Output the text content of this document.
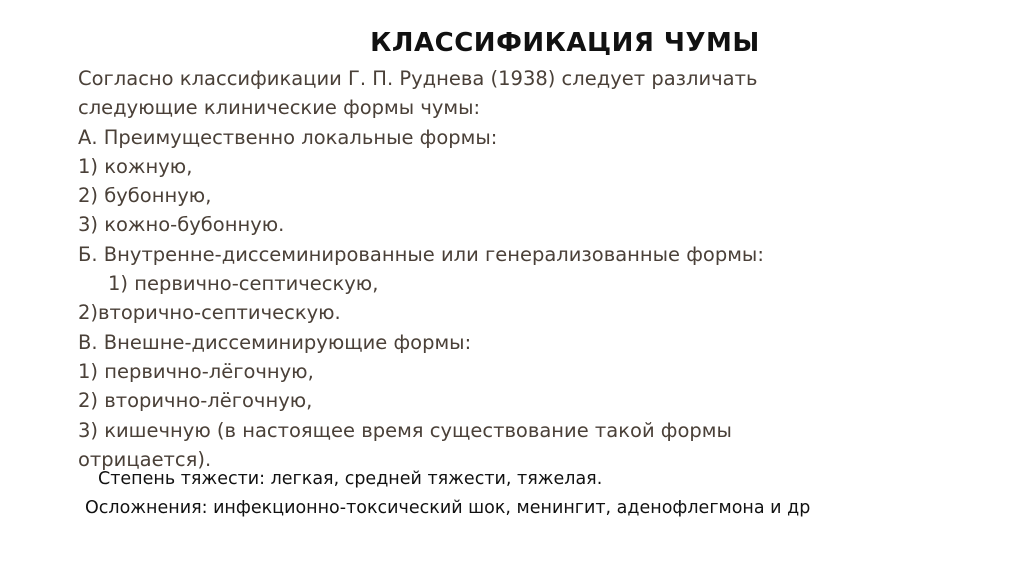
КЛАССИФИКАЦИЯ ЧУМЫ
Согласно классификации Г. П. Руднева (1938) следует различать
следующие клинические формы чумы:
А. Преимущественно локальные формы:
1) кожную,
2) бубонную,
3) кожно-бубонную.
Б. Внутренне-диссеминированные или генерализованные формы:
1) первично-септическую,
2)вторично-септическую.
В. Внешне-диссеминирующие формы:
1) первично-лёгочную,
2) вторично-лёгочную,
3) кишечную (в настоящее время существование такой формы
отрицается).
Степень тяжести: легкая, средней тяжести, тяжелая.
Осложнения: инфекционно-токсический шок, менингит, аденофлегмона и др
